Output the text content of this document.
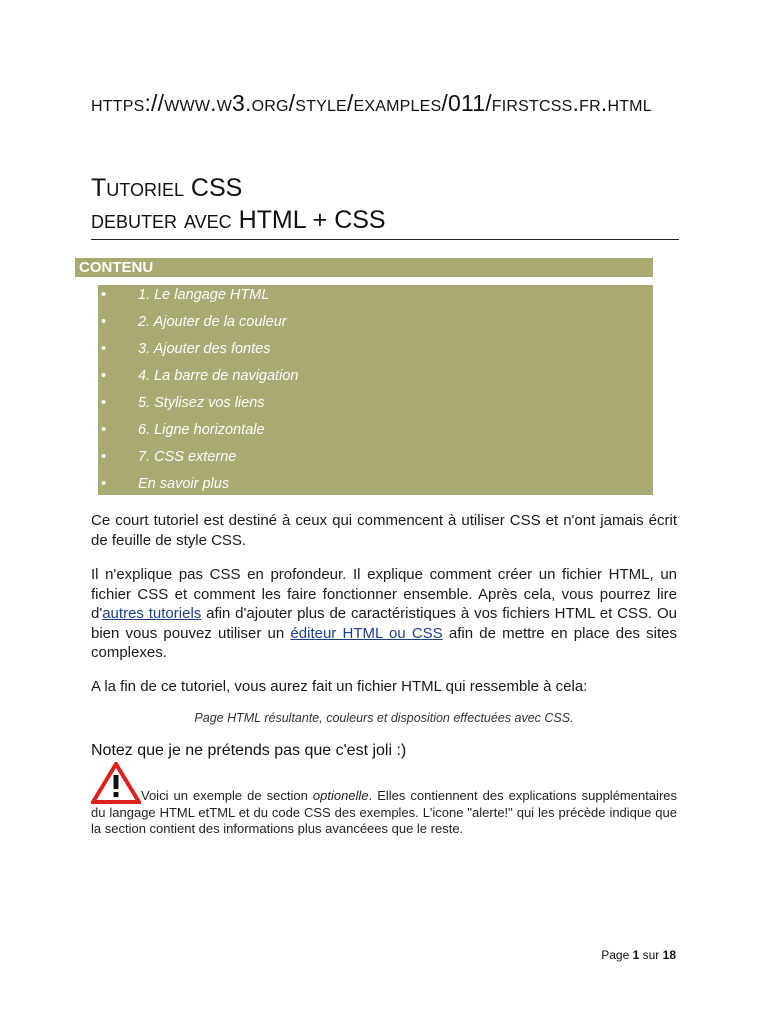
https://www.w3.org/style/examples/011/firstcss.fr.html
Tutoriel CSS
debuter avec HTML + CSS
CONTENU
• 1. Le langage HTML
• 2. Ajouter de la couleur
• 3. Ajouter des fontes
• 4. La barre de navigation
• 5. Stylisez vos liens
• 6. Ligne horizontale
• 7. CSS externe
• En savoir plus

Ce court tutoriel est destiné à ceux qui commencent à utiliser CSS et n'ont jamais écrit de feuille de style CSS.

Il n'explique pas CSS en profondeur. Il explique comment créer un fichier HTML, un fichier CSS et comment les faire fonctionner ensemble. Après cela, vous pourrez lire d'autres tutoriels afin d'ajouter plus de caractéristiques à vos fichiers HTML et CSS. Ou bien vous pouvez utiliser un éditeur HTML ou CSS afin de mettre en place des sites complexes.

A la fin de ce tutoriel, vous aurez fait un fichier HTML qui ressemble à cela:

Page HTML résultante, couleurs et disposition effectuées avec CSS.
Notez que je ne prétends pas que c'est joli :)

Voici un exemple de section optionelle. Elles contiennent des explications supplémentaires du langage HTML etTML et du code CSS des exemples. L'icone "alerte!" qui les précède indique que la section contient des informations plus avancéees que le reste.

Page 1 sur 18
